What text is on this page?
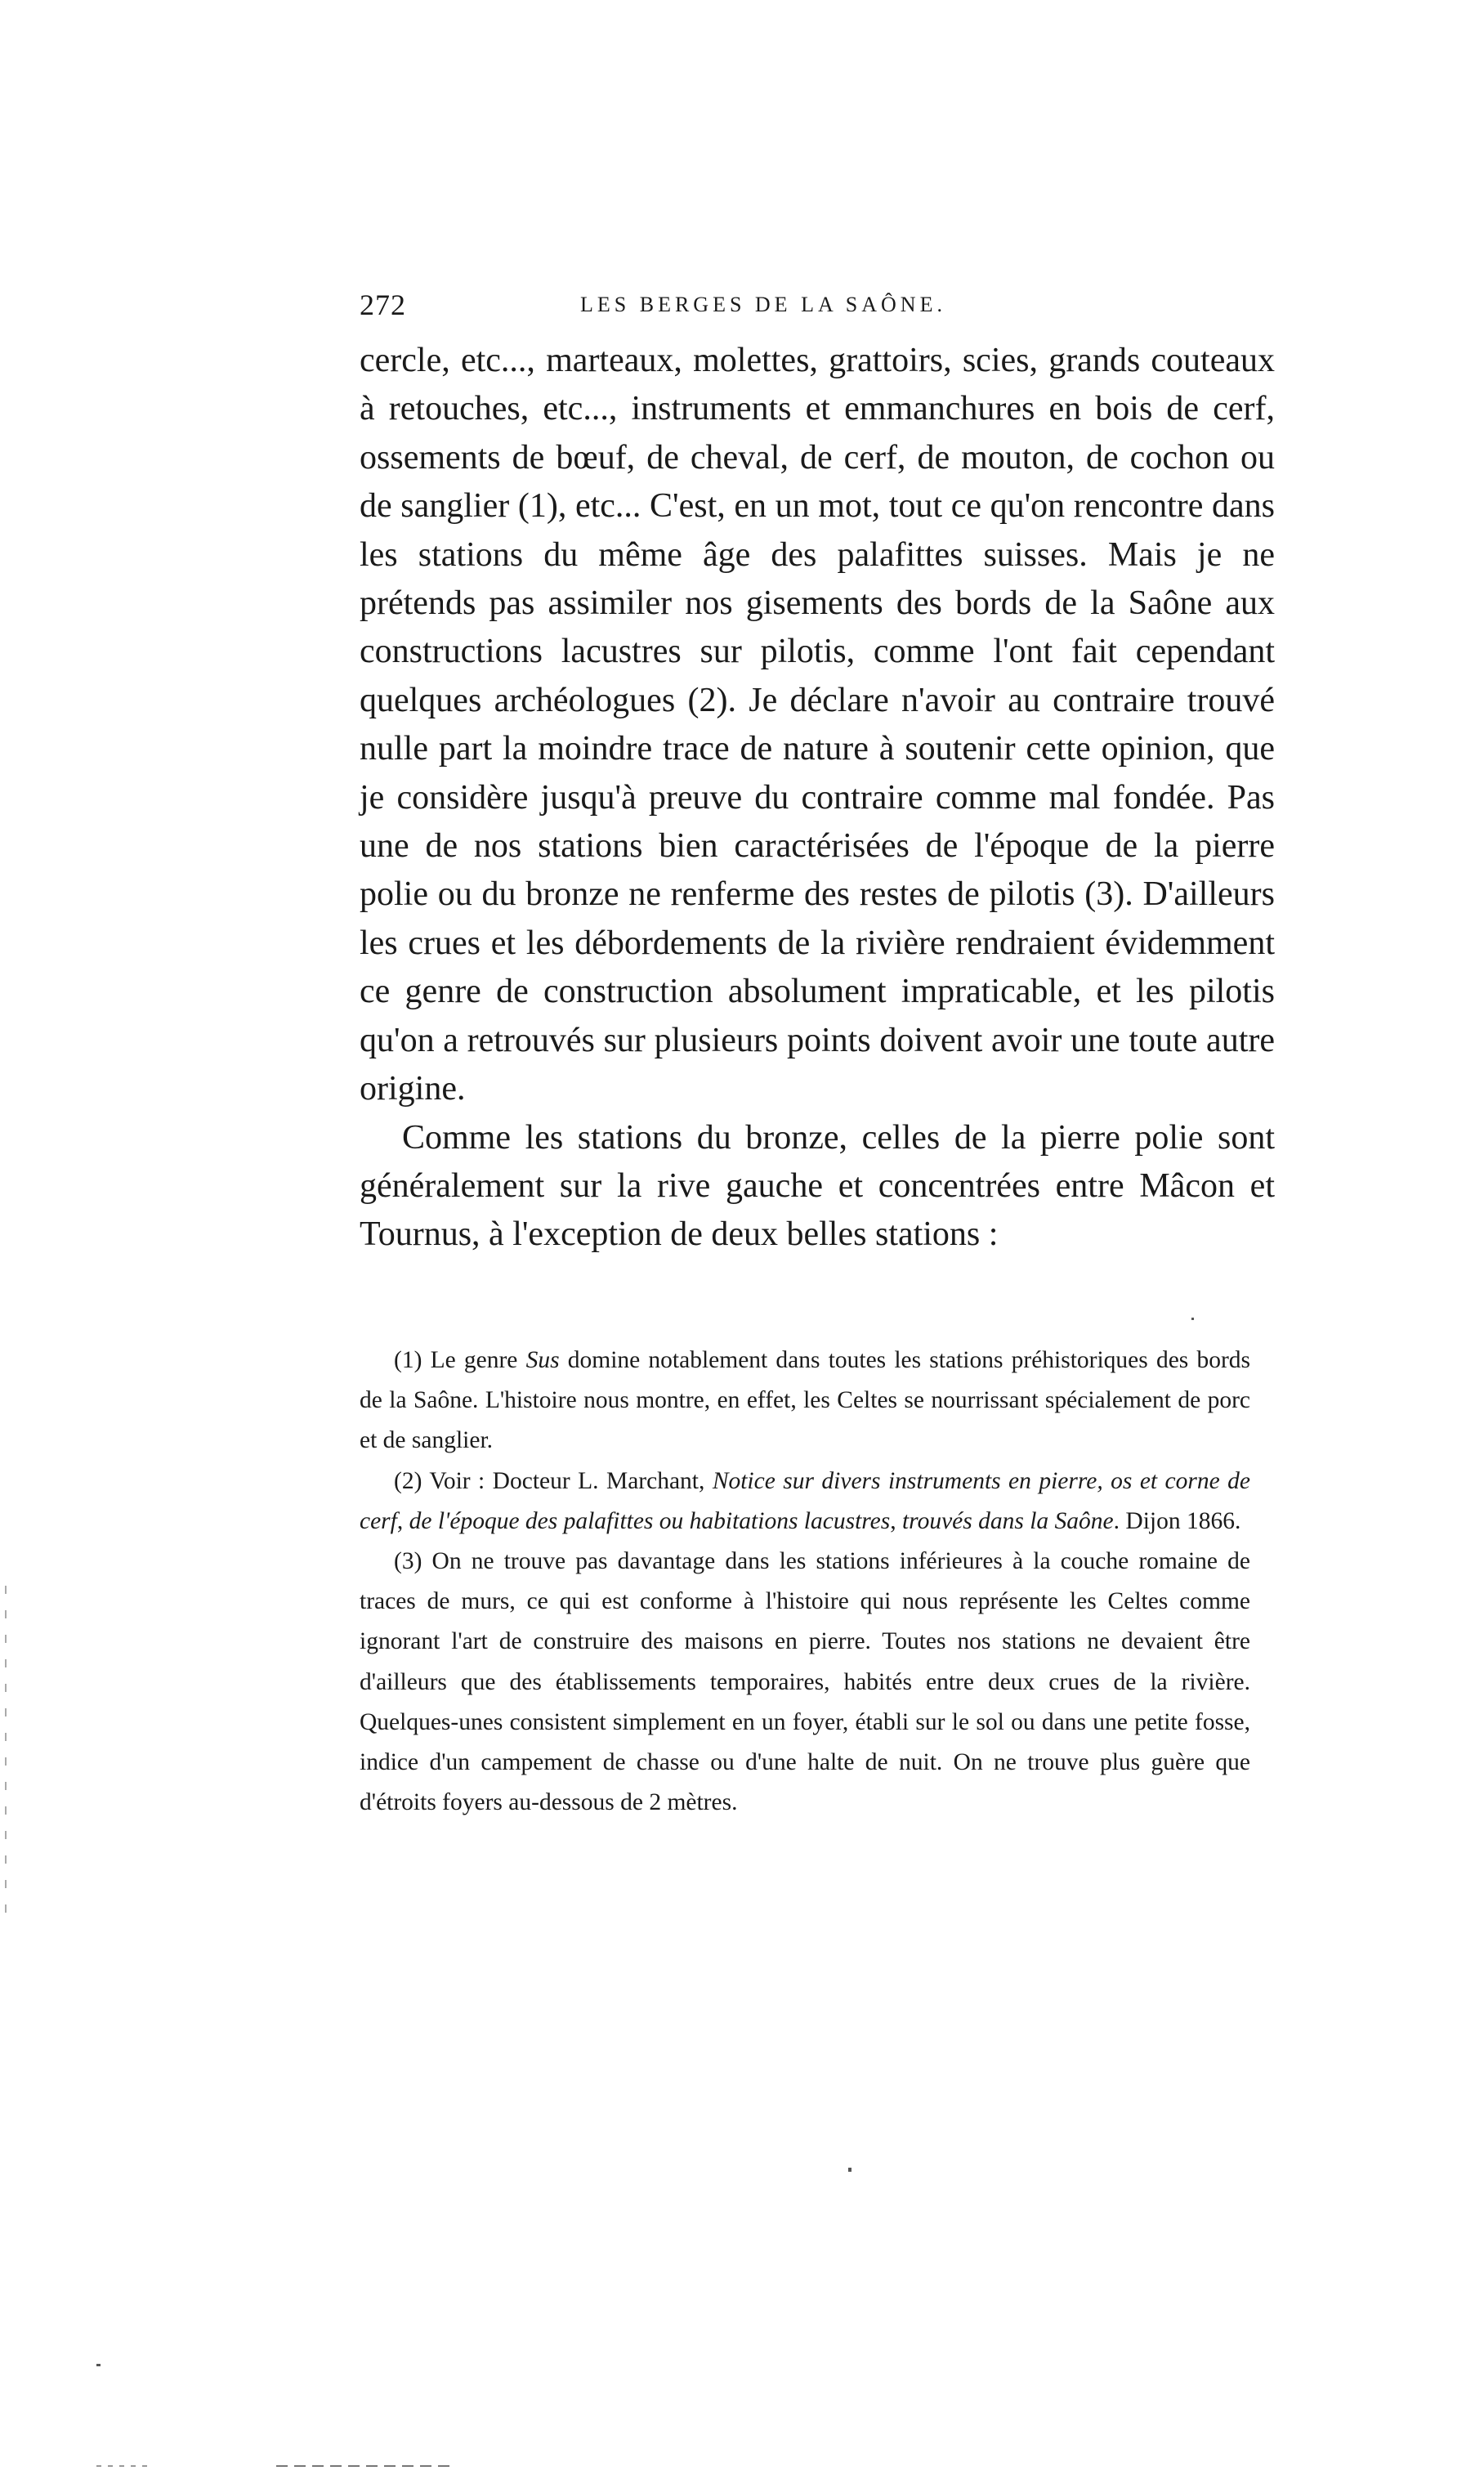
272	LES BERGES DE LA SAÔNE.

cercle, etc..., marteaux, molettes, grattoirs, scies, grands couteaux à retouches, etc..., instruments et emmanchures en bois de cerf, ossements de bœuf, de cheval, de cerf, de mouton, de cochon ou de sanglier (1), etc... C'est, en un mot, tout ce qu'on rencontre dans les stations du même âge des palafittes suisses. Mais je ne prétends pas assimiler nos gisements des bords de la Saône aux constructions lacustres sur pilotis, comme l'ont fait cependant quelques archéologues (2). Je déclare n'avoir au contraire trouvé nulle part la moindre trace de nature à soutenir cette opinion, que je considère jusqu'à preuve du contraire comme mal fondée. Pas une de nos stations bien caractérisées de l'époque de la pierre polie ou du bronze ne renferme des restes de pilotis (3). D'ailleurs les crues et les débordements de la rivière rendraient évidemment ce genre de construction absolument impraticable, et les pilotis qu'on a retrouvés sur plusieurs points doivent avoir une toute autre origine.

Comme les stations du bronze, celles de la pierre polie sont généralement sur la rive gauche et concentrées entre Mâcon et Tournus, à l'exception de deux belles stations :

(1) Le genre Sus domine notablement dans toutes les stations préhistoriques des bords de la Saône. L'histoire nous montre, en effet, les Celtes se nourrissant spécialement de porc et de sanglier.

(2) Voir : Docteur L. Marchant, Notice sur divers instruments en pierre, os et corne de cerf, de l'époque des palafittes ou habitations lacustres, trouvés dans la Saône. Dijon 1866.

(3) On ne trouve pas davantage dans les stations inférieures à la couche romaine de traces de murs, ce qui est conforme à l'histoire qui nous représente les Celtes comme ignorant l'art de construire des maisons en pierre. Toutes nos stations ne devaient être d'ailleurs que des établissements temporaires, habités entre deux crues de la rivière. Quelques-unes consistent simplement en un foyer, établi sur le sol ou dans une petite fosse, indice d'un campement de chasse ou d'une halte de nuit. On ne trouve plus guère que d'étroits foyers au-dessous de 2 mètres.
